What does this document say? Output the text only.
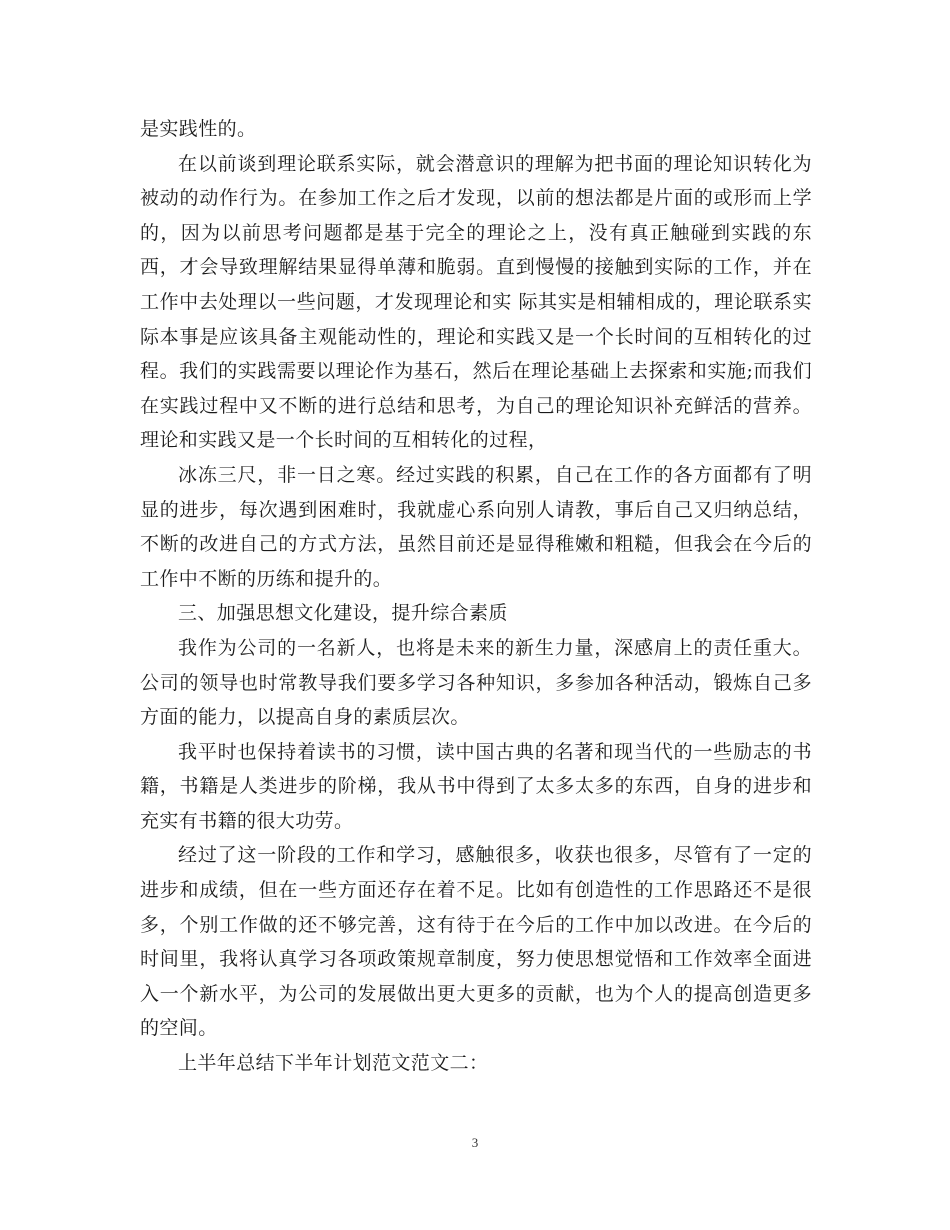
是实践性的。

在以前谈到理论联系实际，就会潜意识的理解为把书面的理论知识转化为被动的动作行为。在参加工作之后才发现，以前的想法都是片面的或形而上学的，因为以前思考问题都是基于完全的理论之上，没有真正触碰到实践的东西，才会导致理解结果显得单薄和脆弱。直到慢慢的接触到实际的工作，并在工作中去处理以一些问题，才发现理论和实 际其实是相辅相成的，理论联系实际本事是应该具备主观能动性的，理论和实践又是一个长时间的互相转化的过程。我们的实践需要以理论作为基石，然后在理论基础上去探索和实施;而我们在实践过程中又不断的进行总结和思考，为自己的理论知识补充鲜活的营养。理论和实践又是一个长时间的互相转化的过程，

冰冻三尺，非一日之寒。经过实践的积累，自己在工作的各方面都有了明显的进步，每次遇到困难时，我就虚心系向别人请教，事后自己又归纳总结，不断的改进自己的方式方法，虽然目前还是显得稚嫩和粗糙，但我会在今后的工作中不断的历练和提升的。

三、加强思想文化建设，提升综合素质

我作为公司的一名新人，也将是未来的新生力量，深感肩上的责任重大。公司的领导也时常教导我们要多学习各种知识，多参加各种活动，锻炼自己多方面的能力，以提高自身的素质层次。

我平时也保持着读书的习惯，读中国古典的名著和现当代的一些励志的书籍，书籍是人类进步的阶梯，我从书中得到了太多太多的东西，自身的进步和充实有书籍的很大功劳。

经过了这一阶段的工作和学习，感触很多，收获也很多，尽管有了一定的进步和成绩，但在一些方面还存在着不足。比如有创造性的工作思路还不是很多，个别工作做的还不够完善，这有待于在今后的工作中加以改进。在今后的时间里，我将认真学习各项政策规章制度，努力使思想觉悟和工作效率全面进入一个新水平，为公司的发展做出更大更多的贡献，也为个人的提高创造更多的空间。

上半年总结下半年计划范文范文二：

3
